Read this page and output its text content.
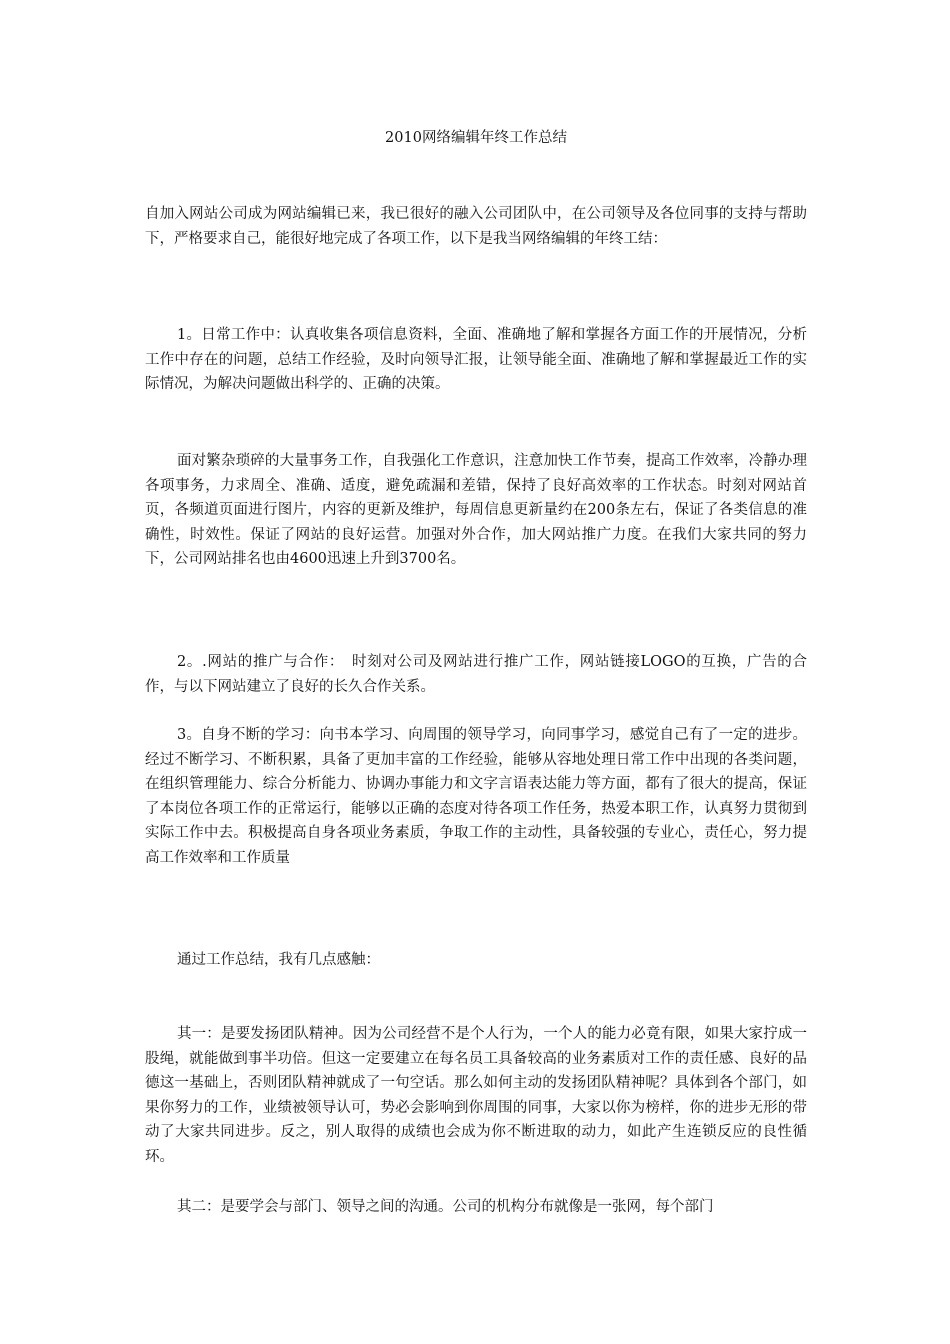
2010网络编辑年终工作总结

自加入网站公司成为网站编辑已来，我已很好的融入公司团队中，在公司领导及各位同事的支持与帮助下，严格要求自己，能很好地完成了各项工作，以下是我当网络编辑的年终工结：

1。日常工作中：认真收集各项信息资料，全面、准确地了解和掌握各方面工作的开展情况，分析工作中存在的问题，总结工作经验，及时向领导汇报，让领导能全面、准确地了解和掌握最近工作的实际情况，为解决问题做出科学的、正确的决策。

面对繁杂琐碎的大量事务工作，自我强化工作意识，注意加快工作节奏，提高工作效率，冷静办理各项事务，力求周全、准确、适度，避免疏漏和差错，保持了良好高效率的工作状态。时刻对网站首页，各频道页面进行图片，内容的更新及维护，每周信息更新量约在200条左右，保证了各类信息的准确性，时效性。保证了网站的良好运营。加强对外合作，加大网站推广力度。在我们大家共同的努力下，公司网站排名也由4600迅速上升到3700名。

2。.网站的推广与合作：　时刻对公司及网站进行推广工作，网站链接LOGO的互换，广告的合作，与以下网站建立了良好的长久合作关系。

3。自身不断的学习：向书本学习、向周围的领导学习，向同事学习，感觉自己有了一定的进步。经过不断学习、不断积累，具备了更加丰富的工作经验，能够从容地处理日常工作中出现的各类问题，在组织管理能力、综合分析能力、协调办事能力和文字言语表达能力等方面，都有了很大的提高，保证了本岗位各项工作的正常运行，能够以正确的态度对待各项工作任务，热爱本职工作，认真努力贯彻到实际工作中去。积极提高自身各项业务素质，争取工作的主动性，具备较强的专业心，责任心，努力提高工作效率和工作质量

通过工作总结，我有几点感触：

其一：是要发扬团队精神。因为公司经营不是个人行为，一个人的能力必竟有限，如果大家拧成一股绳，就能做到事半功倍。但这一定要建立在每名员工具备较高的业务素质对工作的责任感、良好的品德这一基础上，否则团队精神就成了一句空话。那么如何主动的发扬团队精神呢？具体到各个部门，如果你努力的工作，业绩被领导认可，势必会影响到你周围的同事，大家以你为榜样，你的进步无形的带动了大家共同进步。反之，别人取得的成绩也会成为你不断进取的动力，如此产生连锁反应的良性循环。

其二：是要学会与部门、领导之间的沟通。公司的机构分布就像是一张网，每个部门
